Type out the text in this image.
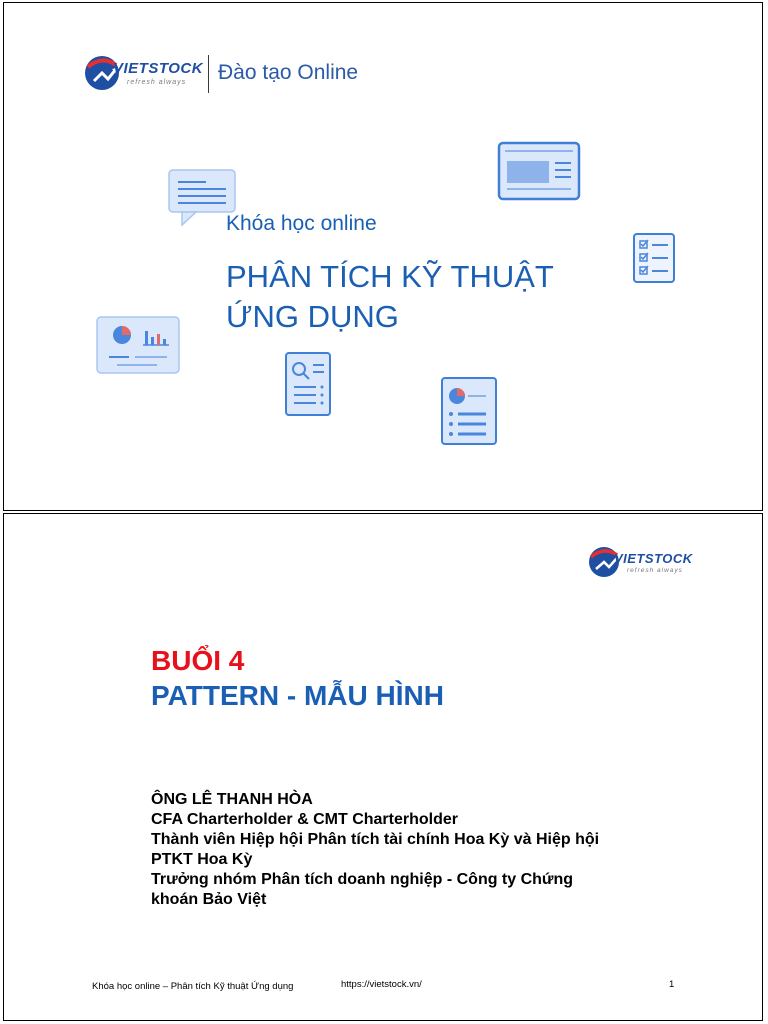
VIETSTOCK
refresh always Đào tạo Online
Khóa học online
PHÂN TÍCH KỸ THUẬT
ỨNG DỤNG
VIETSTOCK
refresh always
BUỔI 4
PATTERN - MẪU HÌNH
ÔNG LÊ THANH HÒA
CFA Charterholder & CMT Charterholder
Thành viên Hiệp hội Phân tích tài chính Hoa Kỳ và Hiệp hội
PTKT Hoa Kỳ
Trưởng nhóm Phân tích doanh nghiệp - Công ty Chứng
khoán Bảo Việt
Khóa học online – Phân tích Kỹ thuật Ứng dụng	https://vietstock.vn/	1
